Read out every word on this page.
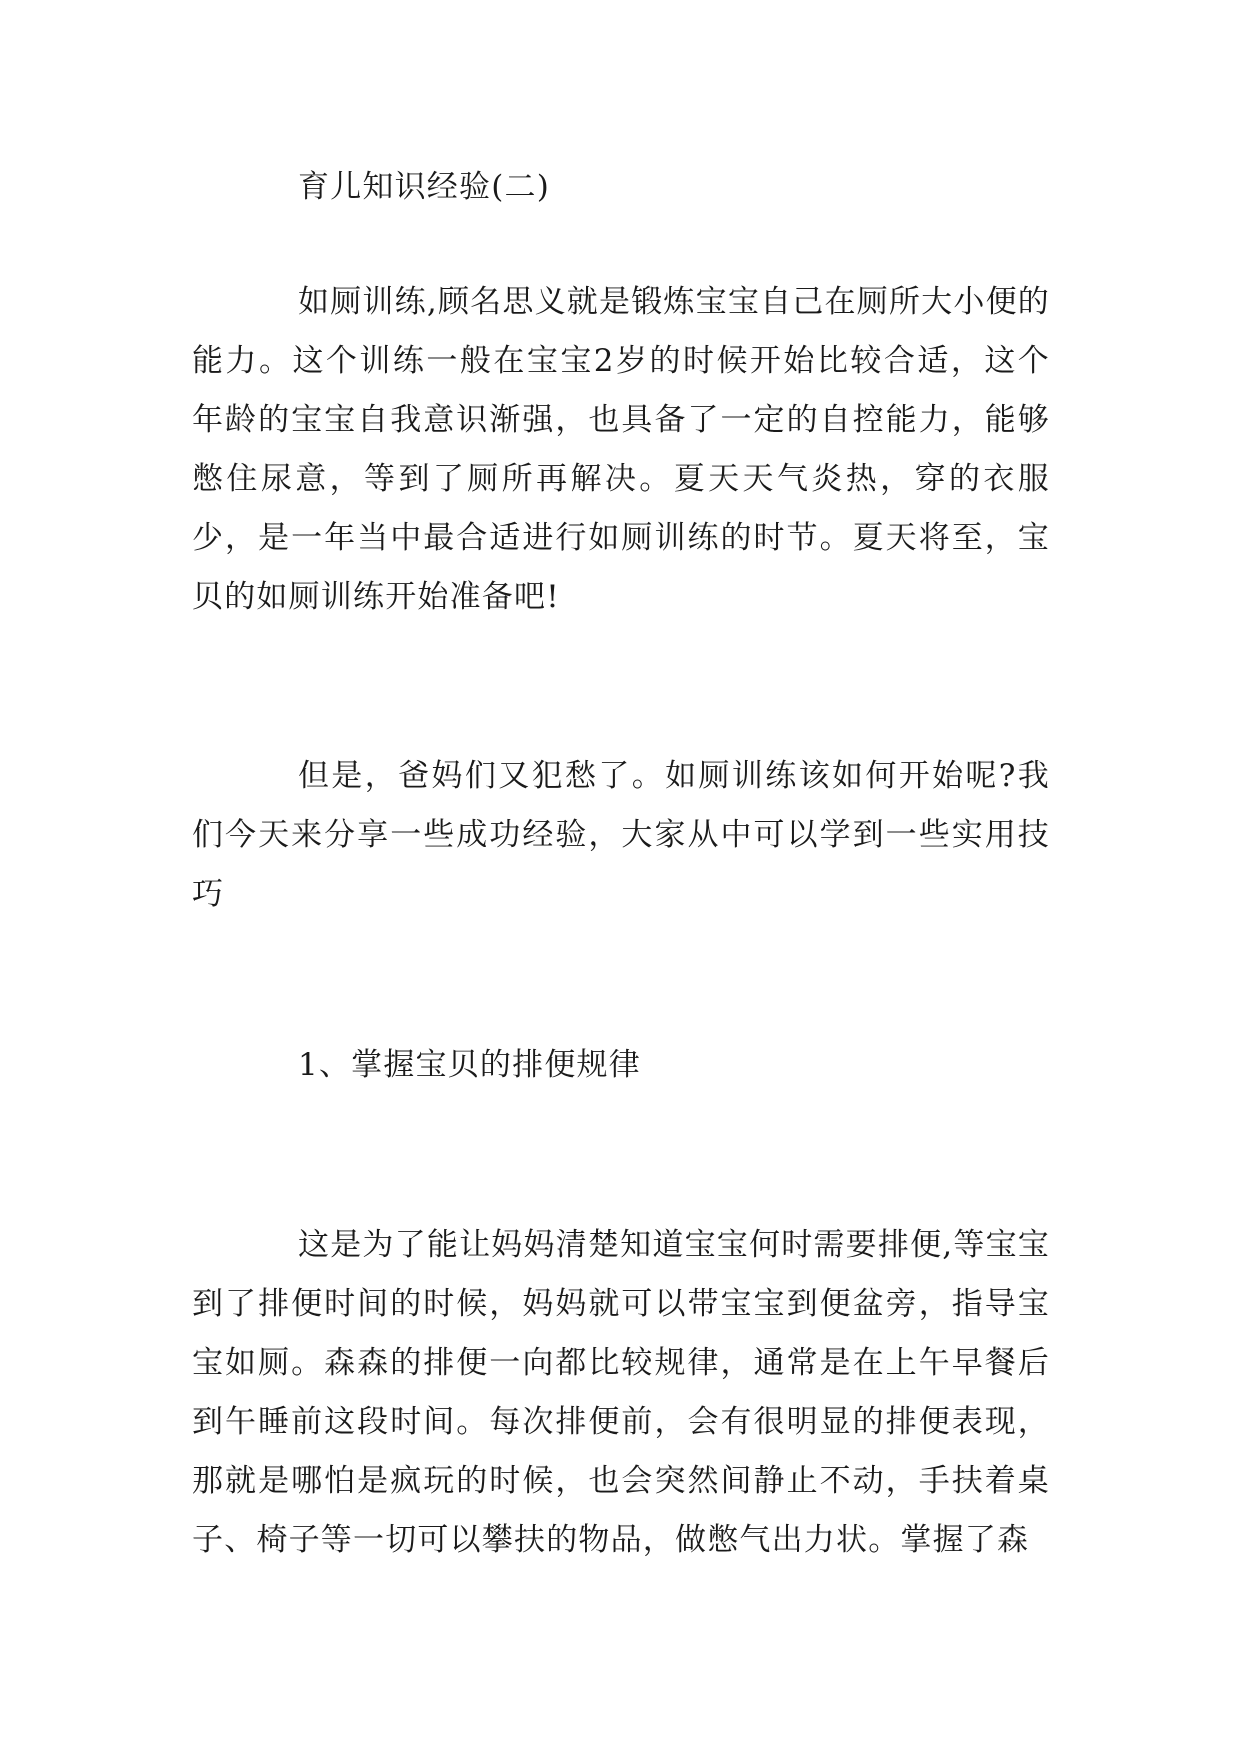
育儿知识经验(二)
如厕训练,顾名思义就是锻炼宝宝自己在厕所大小便的能力。这个训练一般在宝宝2岁的时候开始比较合适，这个年龄的宝宝自我意识渐强，也具备了一定的自控能力，能够憋住尿意，等到了厕所再解决。夏天天气炎热，穿的衣服少，是一年当中最合适进行如厕训练的时节。夏天将至，宝贝的如厕训练开始准备吧!
但是，爸妈们又犯愁了。如厕训练该如何开始呢?我们今天来分享一些成功经验，大家从中可以学到一些实用技巧
1、掌握宝贝的排便规律
这是为了能让妈妈清楚知道宝宝何时需要排便,等宝宝到了排便时间的时候，妈妈就可以带宝宝到便盆旁，指导宝宝如厕。森森的排便一向都比较规律，通常是在上午早餐后到午睡前这段时间。每次排便前，会有很明显的排便表现，那就是哪怕是疯玩的时候，也会突然间静止不动，手扶着桌子、椅子等一切可以攀扶的物品，做憋气出力状。掌握了森
